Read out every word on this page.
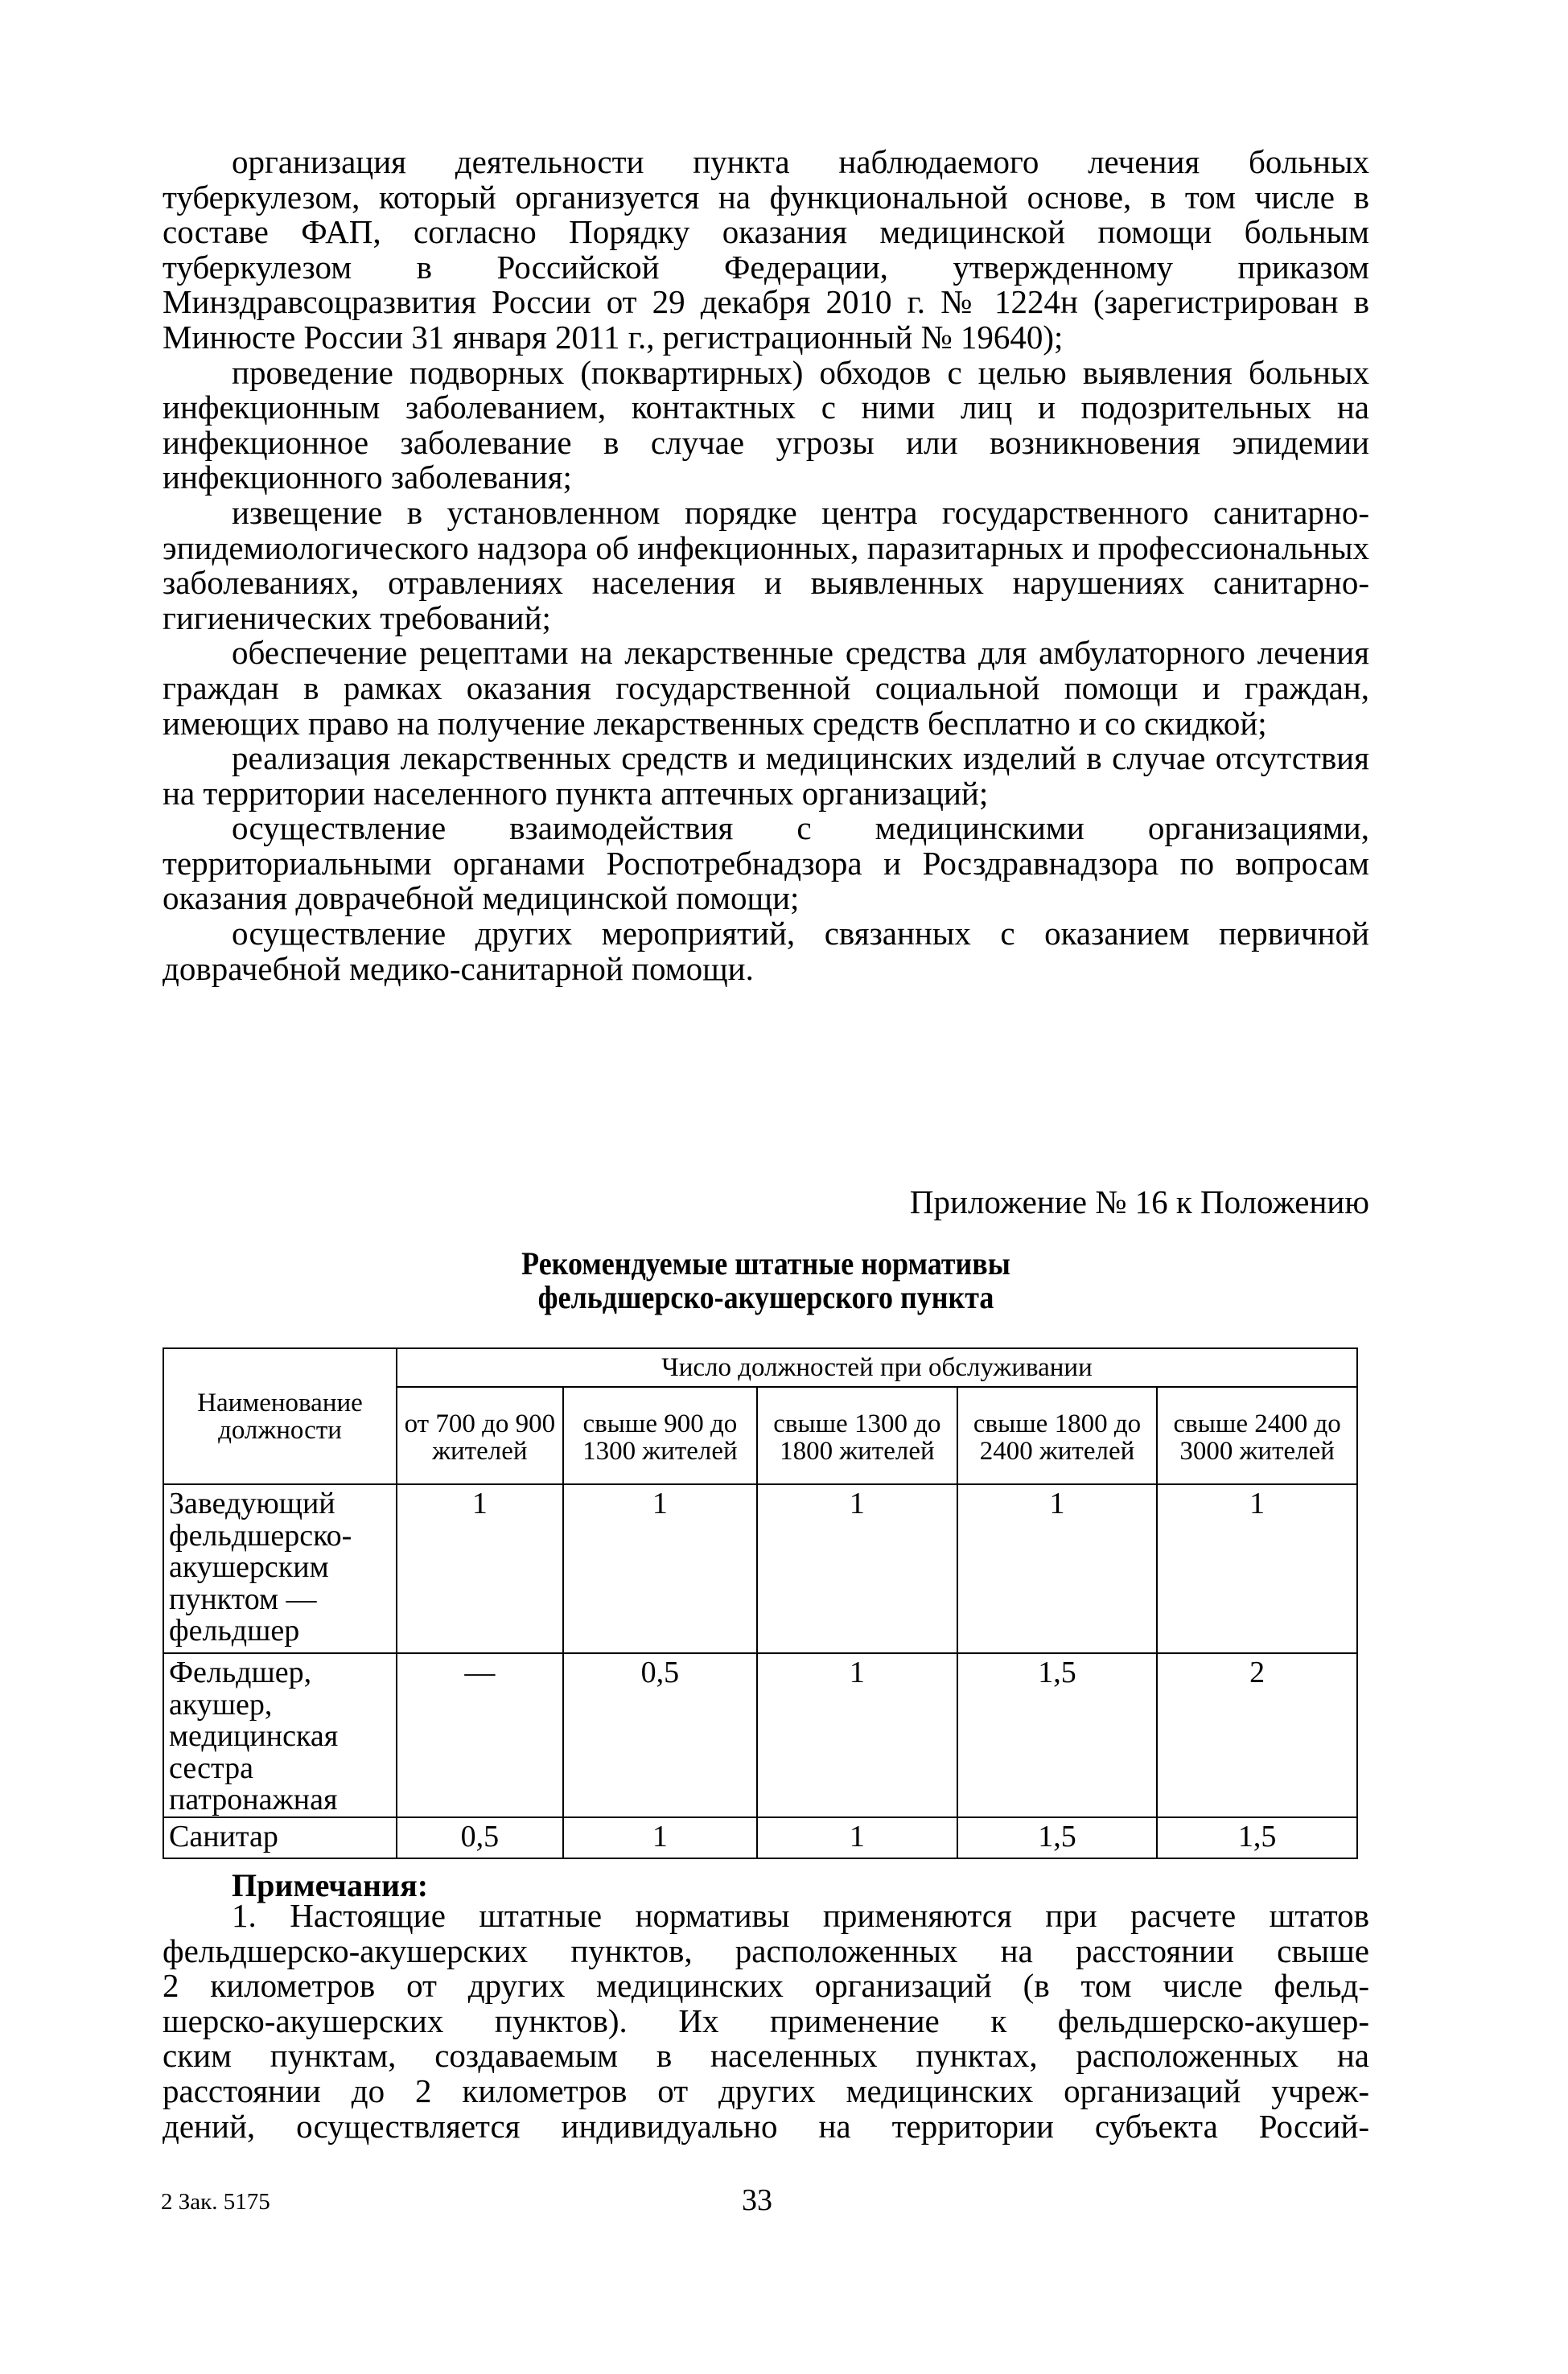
организация деятельности пункта наблюдаемого лечения больных туберкулезом, который организуется на функциональной основе, в том числе в составе ФАП, согласно Порядку оказания медицинской помощи больным туберкулезом в Российской Федерации, утвержденному приказом Минздравсоцразвития России от 29 декабря 2010 г. № 1224н (зарегистрирован в Минюсте России 31 января 2011 г., регистрационный № 19640);

проведение подворных (поквартирных) обходов с целью выявления больных инфекционным заболеванием, контактных с ними лиц и подозрительных на инфекционное заболевание в случае угрозы или возникновения эпидемии инфекционного заболевания;

извещение в установленном порядке центра государственного санитарно-эпидемиологического надзора об инфекционных, паразитарных и профессиональных заболеваниях, отравлениях населения и выявленных нарушениях санитарно-гигиенических требований;

обеспечение рецептами на лекарственные средства для амбулаторного лечения граждан в рамках оказания государственной социальной помощи и граждан, имеющих право на получение лекарственных средств бесплатно и со скидкой;

реализация лекарственных средств и медицинских изделий в случае отсутствия на территории населенного пункта аптечных организаций;

осуществление взаимодействия с медицинскими организациями, территориальными органами Роспотребнадзора и Росздравнадзора по вопросам оказания доврачебной медицинской помощи;

осуществление других мероприятий, связанных с оказанием первичной доврачебной медико-санитарной помощи.

Приложение № 16 к Положению
Рекомендуемые штатные нормативы
фельдшерско-акушерского пункта
Наименование должности	Число должностей при обслуживании				
	от 700 до 900 жителей	свыше 900 до 1300 жителей	свыше 1300 до 1800 жителей	свыше 1800 до 2400 жителей	свыше 2400 до 3000 жителей
Заведующий фельдшерско-акушерским пунктом — фельдшер	1	1	1	1	1
Фельдшер, акушер, медицинская сестра патронажная	—	0,5	1	1,5	2
Санитар	0,5	1	1	1,5	1,5
Примечания:
1. Настоящие штатные нормативы применяются при расчете штатов
фельдшерско-акушерских пунктов, расположенных на расстоянии свыше
2 километров от других медицинских организаций (в том числе фельд-
шерско-акушерских пунктов). Их применение к фельдшерско-акушер-
ским пунктам, создаваемым в населенных пунктах, расположенных на
расстоянии до 2 километров от других медицинских организаций учреж-
дений, осуществляется индивидуально на территории субъекта Россий-
2 Зак. 5175	33
